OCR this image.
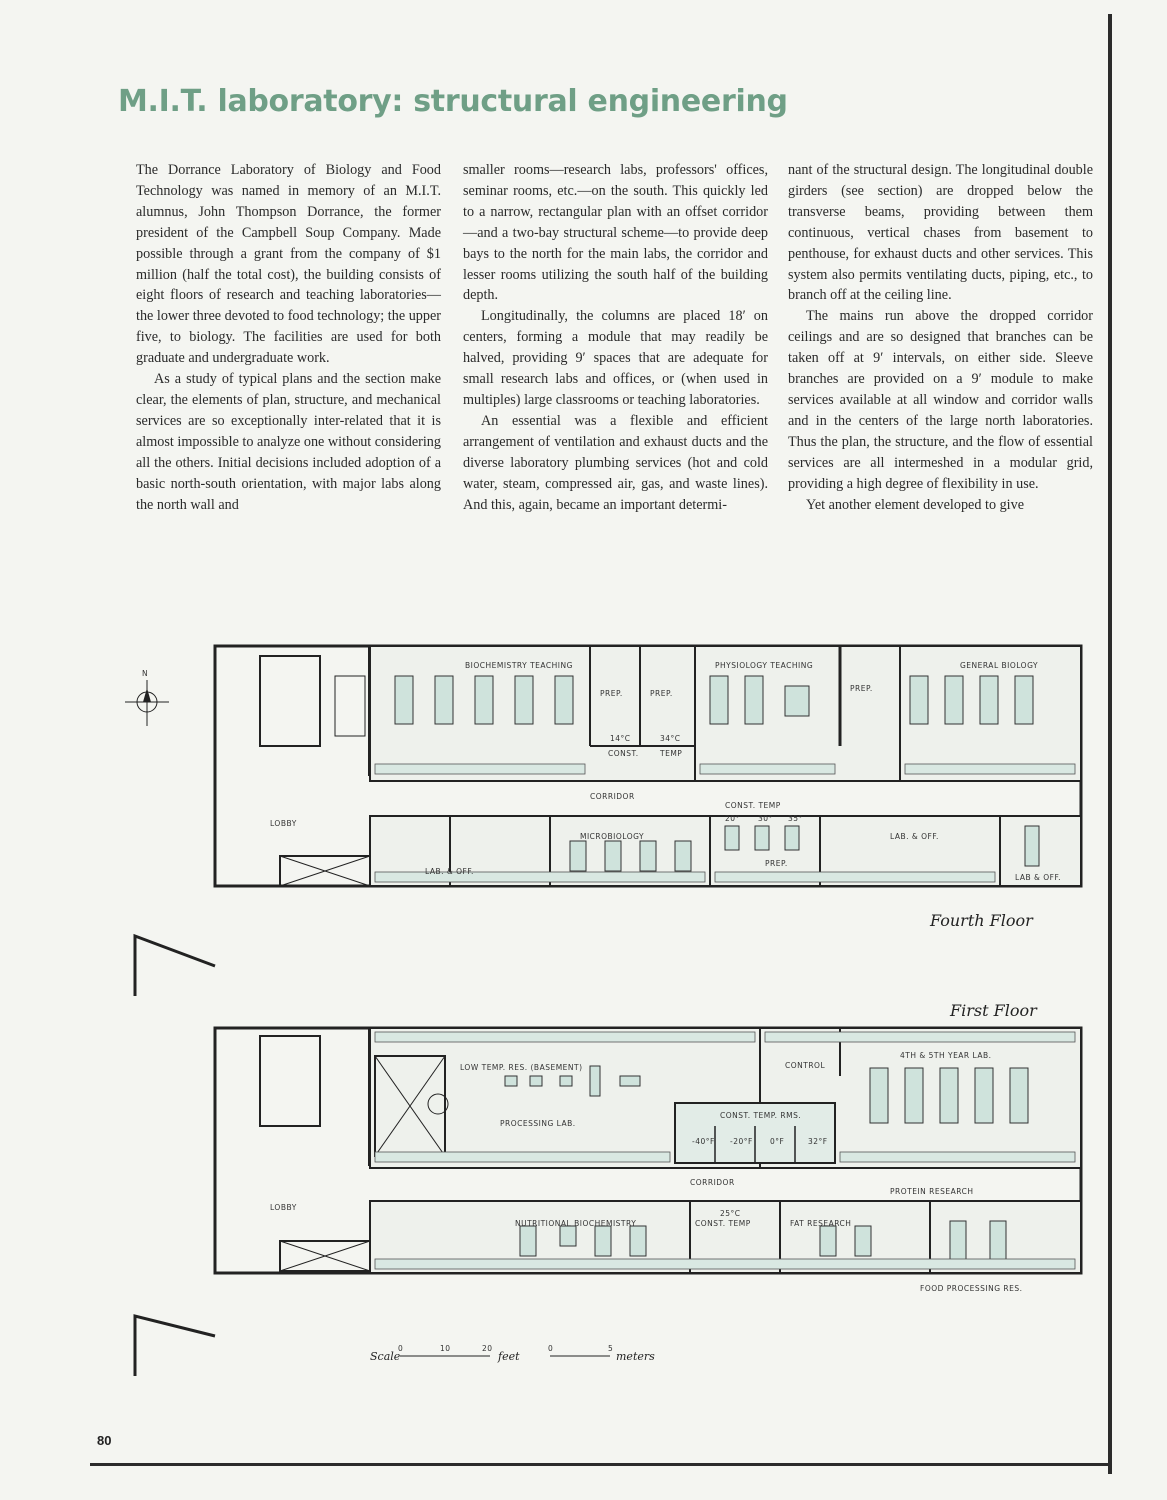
M.I.T. laboratory: structural engineering

The Dorrance Laboratory of Biology and Food Technology was named in memory of an M.I.T. alumnus, John Thompson Dorrance, the former president of the Campbell Soup Company. Made possible through a grant from the company of $1 million (half the total cost), the building consists of eight floors of research and teaching laboratories—the lower three devoted to food technology; the upper five, to biology. The facilities are used for both graduate and undergraduate work.

As a study of typical plans and the section make clear, the elements of plan, structure, and mechanical services are so exceptionally inter-related that it is almost impossible to analyze one without considering all the others. Initial decisions included adoption of a basic north-south orientation, with major labs along the north wall and

smaller rooms—research labs, professors' offices, seminar rooms, etc.—on the south. This quickly led to a narrow, rectangular plan with an offset corridor—and a two-bay structural scheme—to provide deep bays to the north for the main labs, the corridor and lesser rooms utilizing the south half of the building depth.

Longitudinally, the columns are placed 18′ on centers, forming a module that may readily be halved, providing 9′ spaces that are adequate for small research labs and offices, or (when used in multiples) large classrooms or teaching laboratories.

An essential was a flexible and efficient arrangement of ventilation and exhaust ducts and the diverse laboratory plumbing services (hot and cold water, steam, compressed air, gas, and waste lines). And this, again, became an important determi-

nant of the structural design. The longitudinal double girders (see section) are dropped below the transverse beams, providing between them continuous, vertical chases from basement to penthouse, for exhaust ducts and other services. This system also permits ventilating ducts, piping, etc., to branch off at the ceiling line.

The mains run above the dropped corridor ceilings and are so designed that branches can be taken off at 9′ intervals, on either side. Sleeve branches are provided on a 9′ module to make services available at all window and corridor walls and in the centers of the large north laboratories. Thus the plan, the structure, and the flow of essential services are all intermeshed in a modular grid, providing a high degree of flexibility in use.

Yet another element developed to give

N
BIOCHEMISTRY TEACHING
PREP.	PREP.
PHYSIOLOGY TEACHING
PREP.
GENERAL BIOLOGY
14°C	34°C
CONST.	TEMP
CORRIDOR
CONST. TEMP
LOBBY
MICROBIOLOGY
20° 30° 35°
PREP.
LAB. & OFF.
LAB. & OFF.
LAB & OFF.
Fourth Floor
First Floor
LOW TEMP. RES. (BASEMENT)	CONTROL
4TH & 5TH YEAR LAB.
PROCESSING LAB.
CONST. TEMP. RMS.
-40°F -20°F 0°F	32°F
CORRIDOR
PROTEIN RESEARCH
LOBBY
NUTRITIONAL BIOCHEMISTRY
25°C
CONST. TEMP	FAT RESEARCH
FOOD PROCESSING RES.
Scale
0	10	20
feet
0	5
meters
80
